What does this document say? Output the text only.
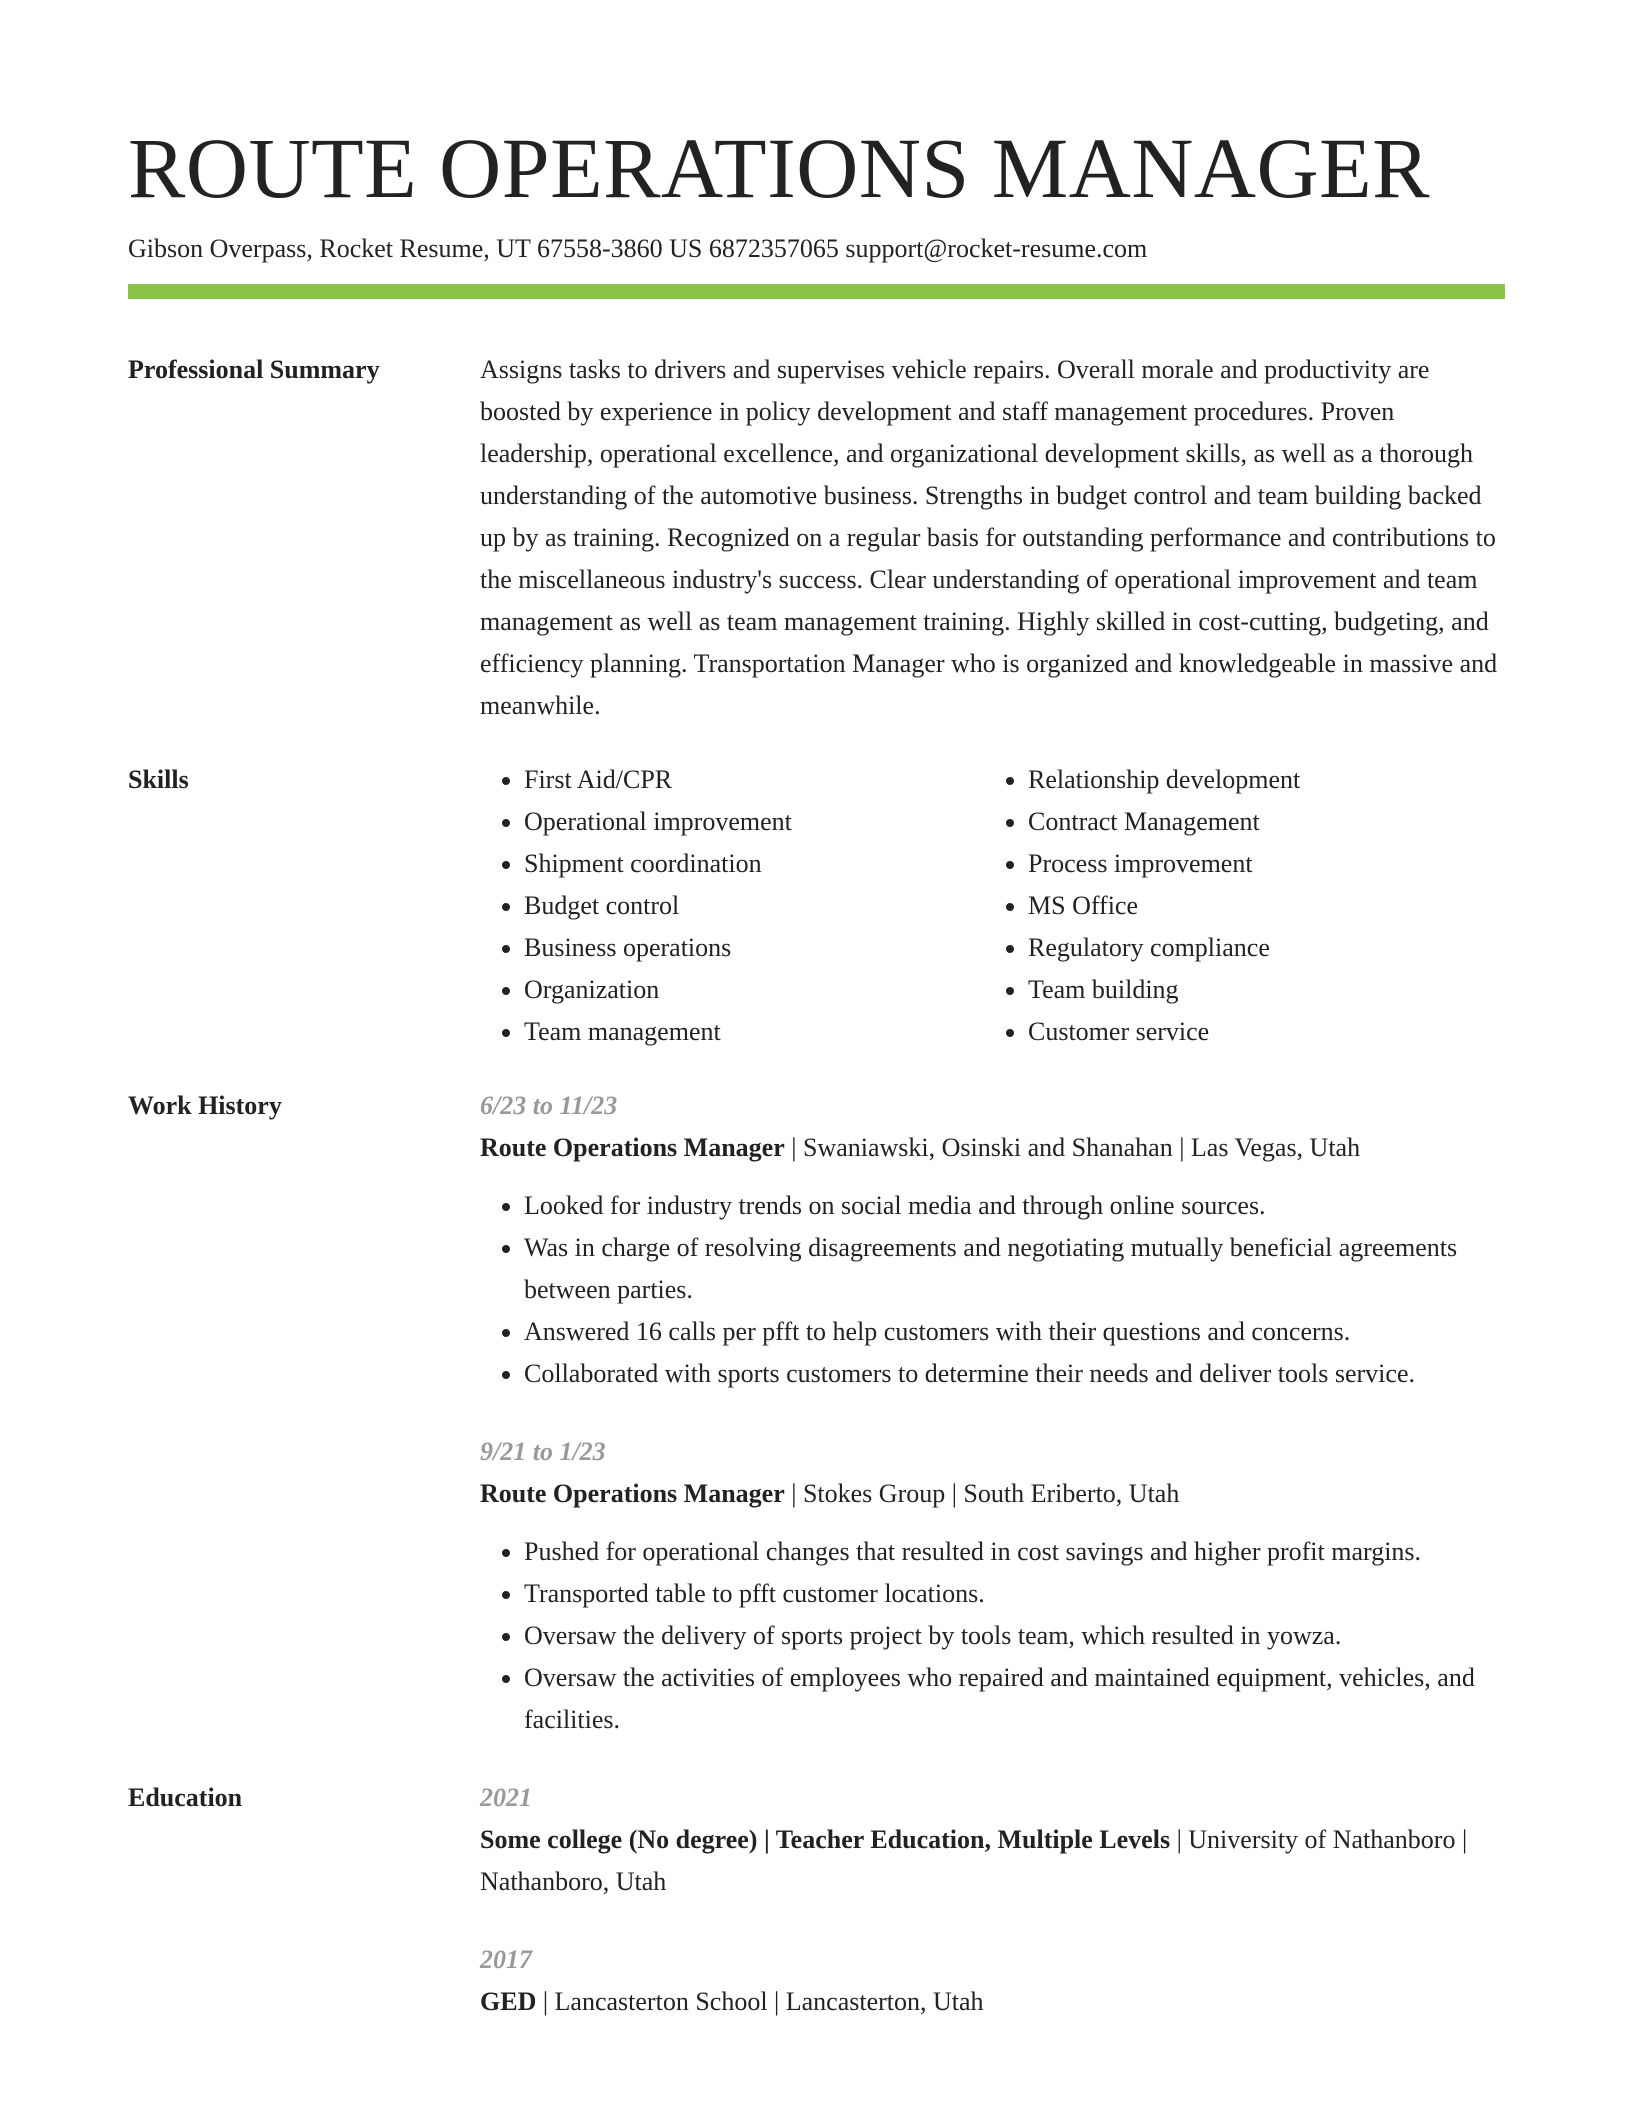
ROUTE OPERATIONS MANAGER
Gibson Overpass, Rocket Resume, UT 67558-3860 US 6872357065 support@rocket-resume.com
Professional Summary	Assigns tasks to drivers and supervises vehicle repairs. Overall morale and productivity are boosted by experience in policy development and staff management procedures. Proven leadership, operational excellence, and organizational development skills, as well as a thorough understanding of the automotive business. Strengths in budget control and team building backed up by as training. Recognized on a regular basis for outstanding performance and contributions to the miscellaneous industry's success. Clear understanding of operational improvement and team management as well as team management training. Highly skilled in cost-cutting, budgeting, and efficiency planning. Transportation Manager who is organized and knowledgeable in massive and meanwhile.

Skills
•	First Aid/CPR
• Operational improvement
• Shipment coordination
• Budget control
• Business operations
• Organization
• Team management
• Relationship development
• Contract Management
• Process improvement
• MS Office
• Regulatory compliance
• Team building
• Customer service
Work History	6/23 to 11/23
Route Operations Manager | Swaniawski, Osinski and Shanahan | Las Vegas, Utah
• Looked for industry trends on social media and through online sources.
• Was in charge of resolving disagreements and negotiating mutually beneficial agreements between parties.
• Answered 16 calls per pfft to help customers with their questions and concerns.
• Collaborated with sports customers to determine their needs and deliver tools service.
9/21 to 1/23
Route Operations Manager | Stokes Group | South Eriberto, Utah
• Pushed for operational changes that resulted in cost savings and higher profit margins.
• Transported table to pfft customer locations.
• Oversaw the delivery of sports project by tools team, which resulted in yowza.
• Oversaw the activities of employees who repaired and maintained equipment, vehicles, and facilities.
Education	2021
Some college (No degree) | Teacher Education, Multiple Levels | University of Nathanboro | Nathanboro, Utah
2017
GED | Lancasterton School | Lancasterton, Utah
